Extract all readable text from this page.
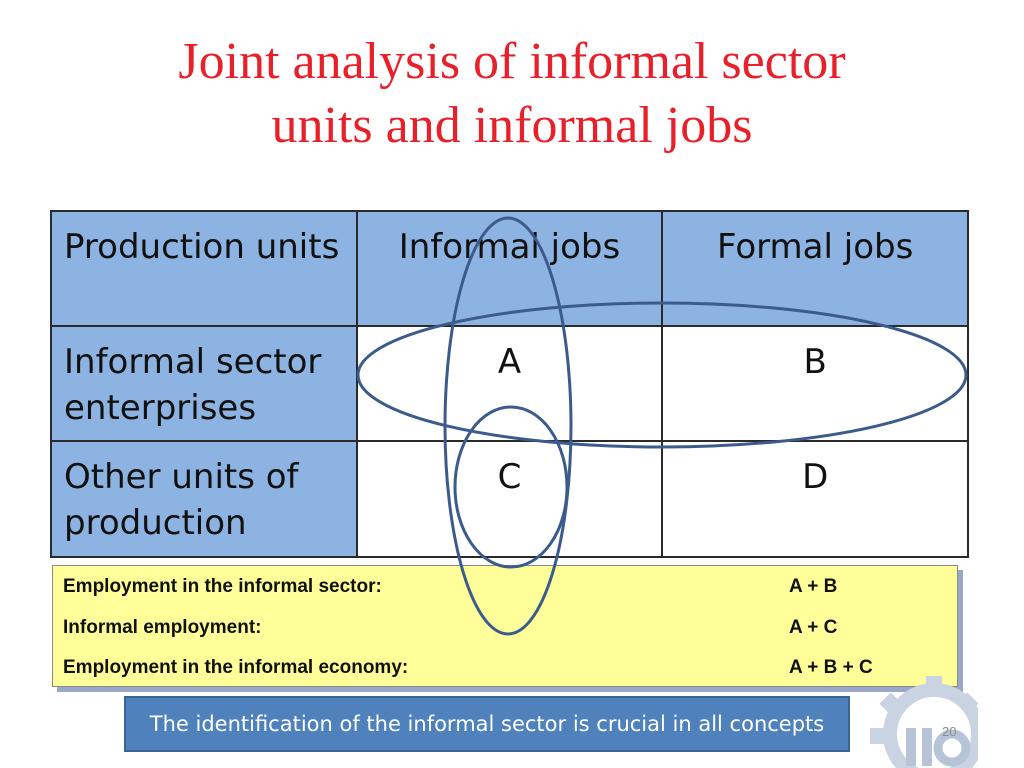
Joint analysis of informal sector
units and informal jobs
Production units	Informal jobs	Formal jobs
Informal sector enterprises	A	B
Other units of production	C	D
Employment in the informal sector:	A + B
Informal employment:	A + C
Employment in the informal economy:	A + B + C
The identification of the informal sector is crucial in all concepts	20
